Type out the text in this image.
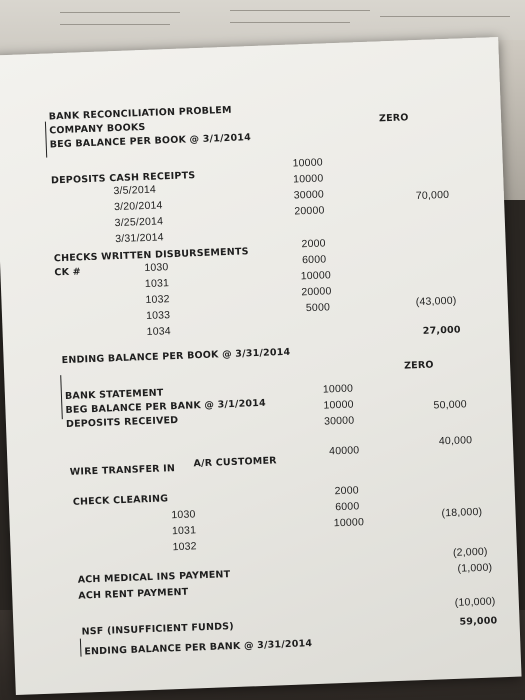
BANK RECONCILIATION PROBLEM
COMPANY BOOKS
BEG BALANCE PER BOOK @ 3/1/2014
ZERO
DEPOSITS CASH RECEIPTS
3/5/2014
3/20/2014
3/25/2014
3/31/2014
10000
10000
30000
20000
70,000
CHECKS WRITTEN DISBURSEMENTS
CK #	1030
1031
1032
1033
1034
2000
6000
10000
20000
5000	(43,000)
ENDING BALANCE PER BOOK @ 3/31/2014
27,000
BANK STATEMENT
BEG BALANCE PER BANK @ 3/1/2014
ZERO
DEPOSITS RECEIVED
10000
10000
30000
50,000
WIRE TRANSFER IN
A/R CUSTOMER
40000
40,000
CHECK CLEARING
1030
1031
1032
2000
6000
10000
(18,000)
ACH MEDICAL INS PAYMENT
ACH RENT PAYMENT
(2,000)
(1,000)
NSF (INSUFFICIENT FUNDS)
(10,000)
ENDING BALANCE PER BANK @ 3/31/2014
59,000
